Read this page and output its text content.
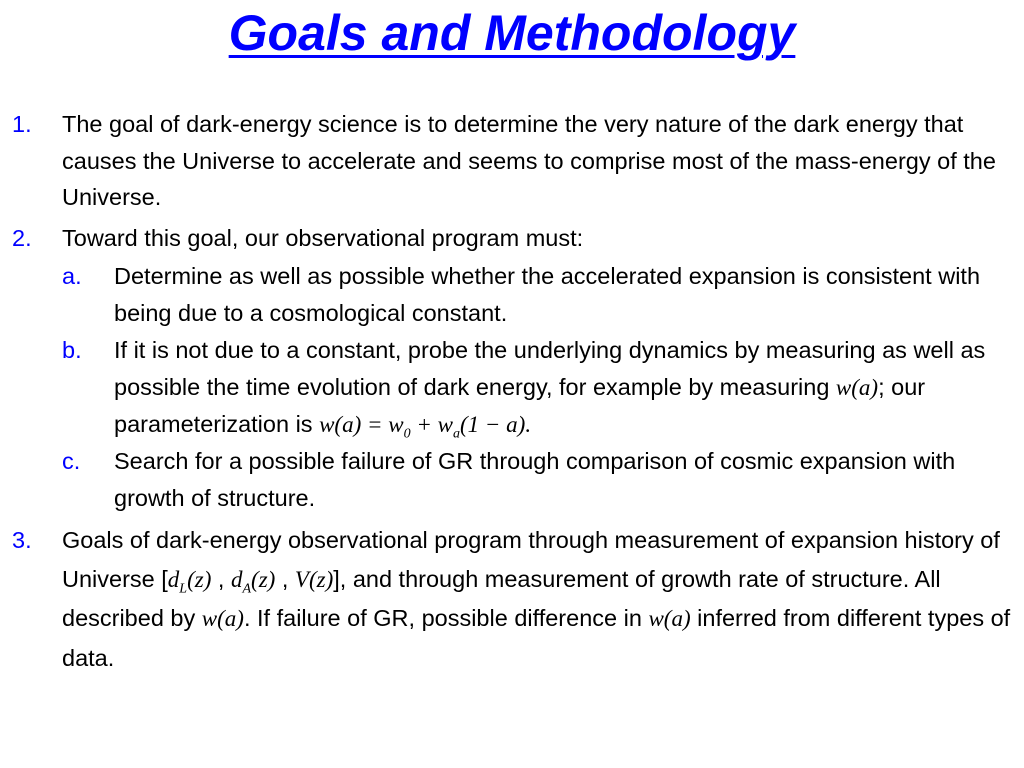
Goals and Methodology
1. The goal of dark-energy science is to determine the very nature of the dark energy that causes the Universe to accelerate and seems to comprise most of the mass-energy of the Universe.
2. Toward this goal, our observational program must:
a. Determine as well as possible whether the accelerated expansion is consistent with being due to a cosmological constant.
b. If it is not due to a constant, probe the underlying dynamics by measuring as well as possible the time evolution of dark energy, for example by measuring w(a); our parameterization is $w(a) = w_0 + w_a(1 - a)$.
c. Search for a possible failure of GR through comparison of cosmic expansion with growth of structure.
3. Goals of dark-energy observational program through measurement of expansion history of Universe [$d_L(z)$ , $d_A(z)$ , V(z)], and through measurement of growth rate of structure. All described by w(a). If failure of GR, possible difference in w(a) inferred from different types of data.
